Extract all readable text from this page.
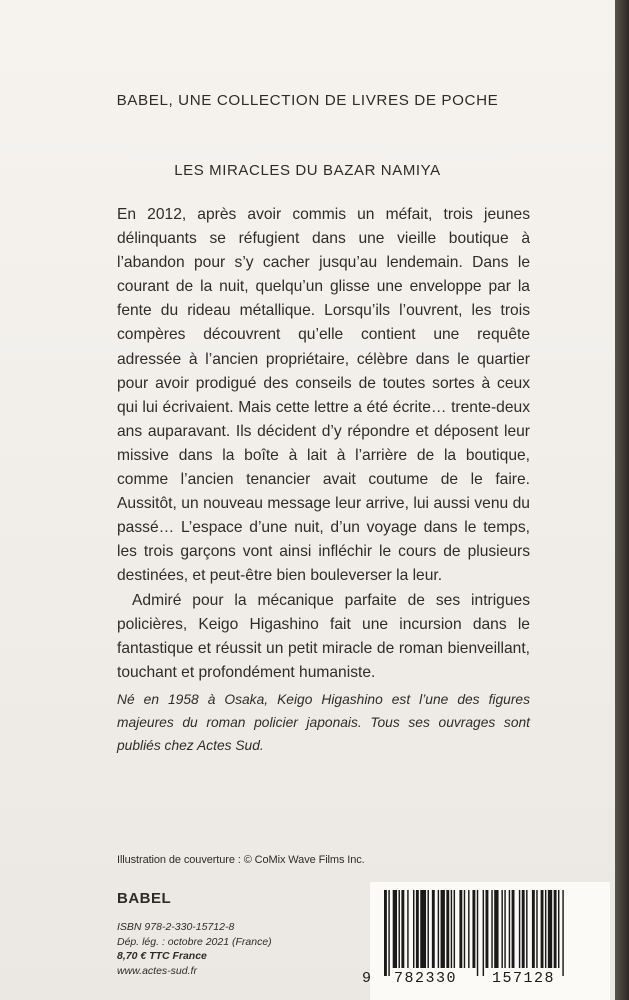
BABEL, UNE COLLECTION DE LIVRES DE POCHE
LES MIRACLES DU BAZAR NAMIYA

En 2012, après avoir commis un méfait, trois jeunes délinquants se réfugient dans une vieille boutique à l’abandon pour s’y cacher jusqu’au lendemain. Dans le courant de la nuit, quelqu’un glisse une enveloppe par la fente du rideau métallique. Lorsqu’ils l’ouvrent, les trois compères découvrent qu’elle contient une requête adressée à l’ancien propriétaire, célèbre dans le quartier pour avoir prodigué des conseils de toutes sortes à ceux qui lui écrivaient. Mais cette lettre a été écrite… trente-deux ans auparavant. Ils décident d’y répondre et déposent leur missive dans la boîte à lait à l’arrière de la boutique, comme l’ancien tenancier avait coutume de le faire. Aussitôt, un nouveau message leur arrive, lui aussi venu du passé… L’espace d’une nuit, d’un voyage dans le temps, les trois garçons vont ainsi infléchir le cours de plusieurs destinées, et peut-être bien bouleverser la leur.

Admiré pour la mécanique parfaite de ses intrigues policières, Keigo Higashino fait une incursion dans le fantastique et réussit un petit miracle de roman bienveillant, touchant et profondément humaniste.

Né en 1958 à Osaka, Keigo Higashino est l’une des figures majeures du roman policier japonais. Tous ses ouvrages sont publiés chez Actes Sud.

Illustration de couverture : © CoMix Wave Films Inc.
BABEL
ISBN 978-2-330-15712-8
Dép. lég. : octobre 2021 (France)
8,70 € TTC France
www.actes-sud.fr	9 782330 157128
